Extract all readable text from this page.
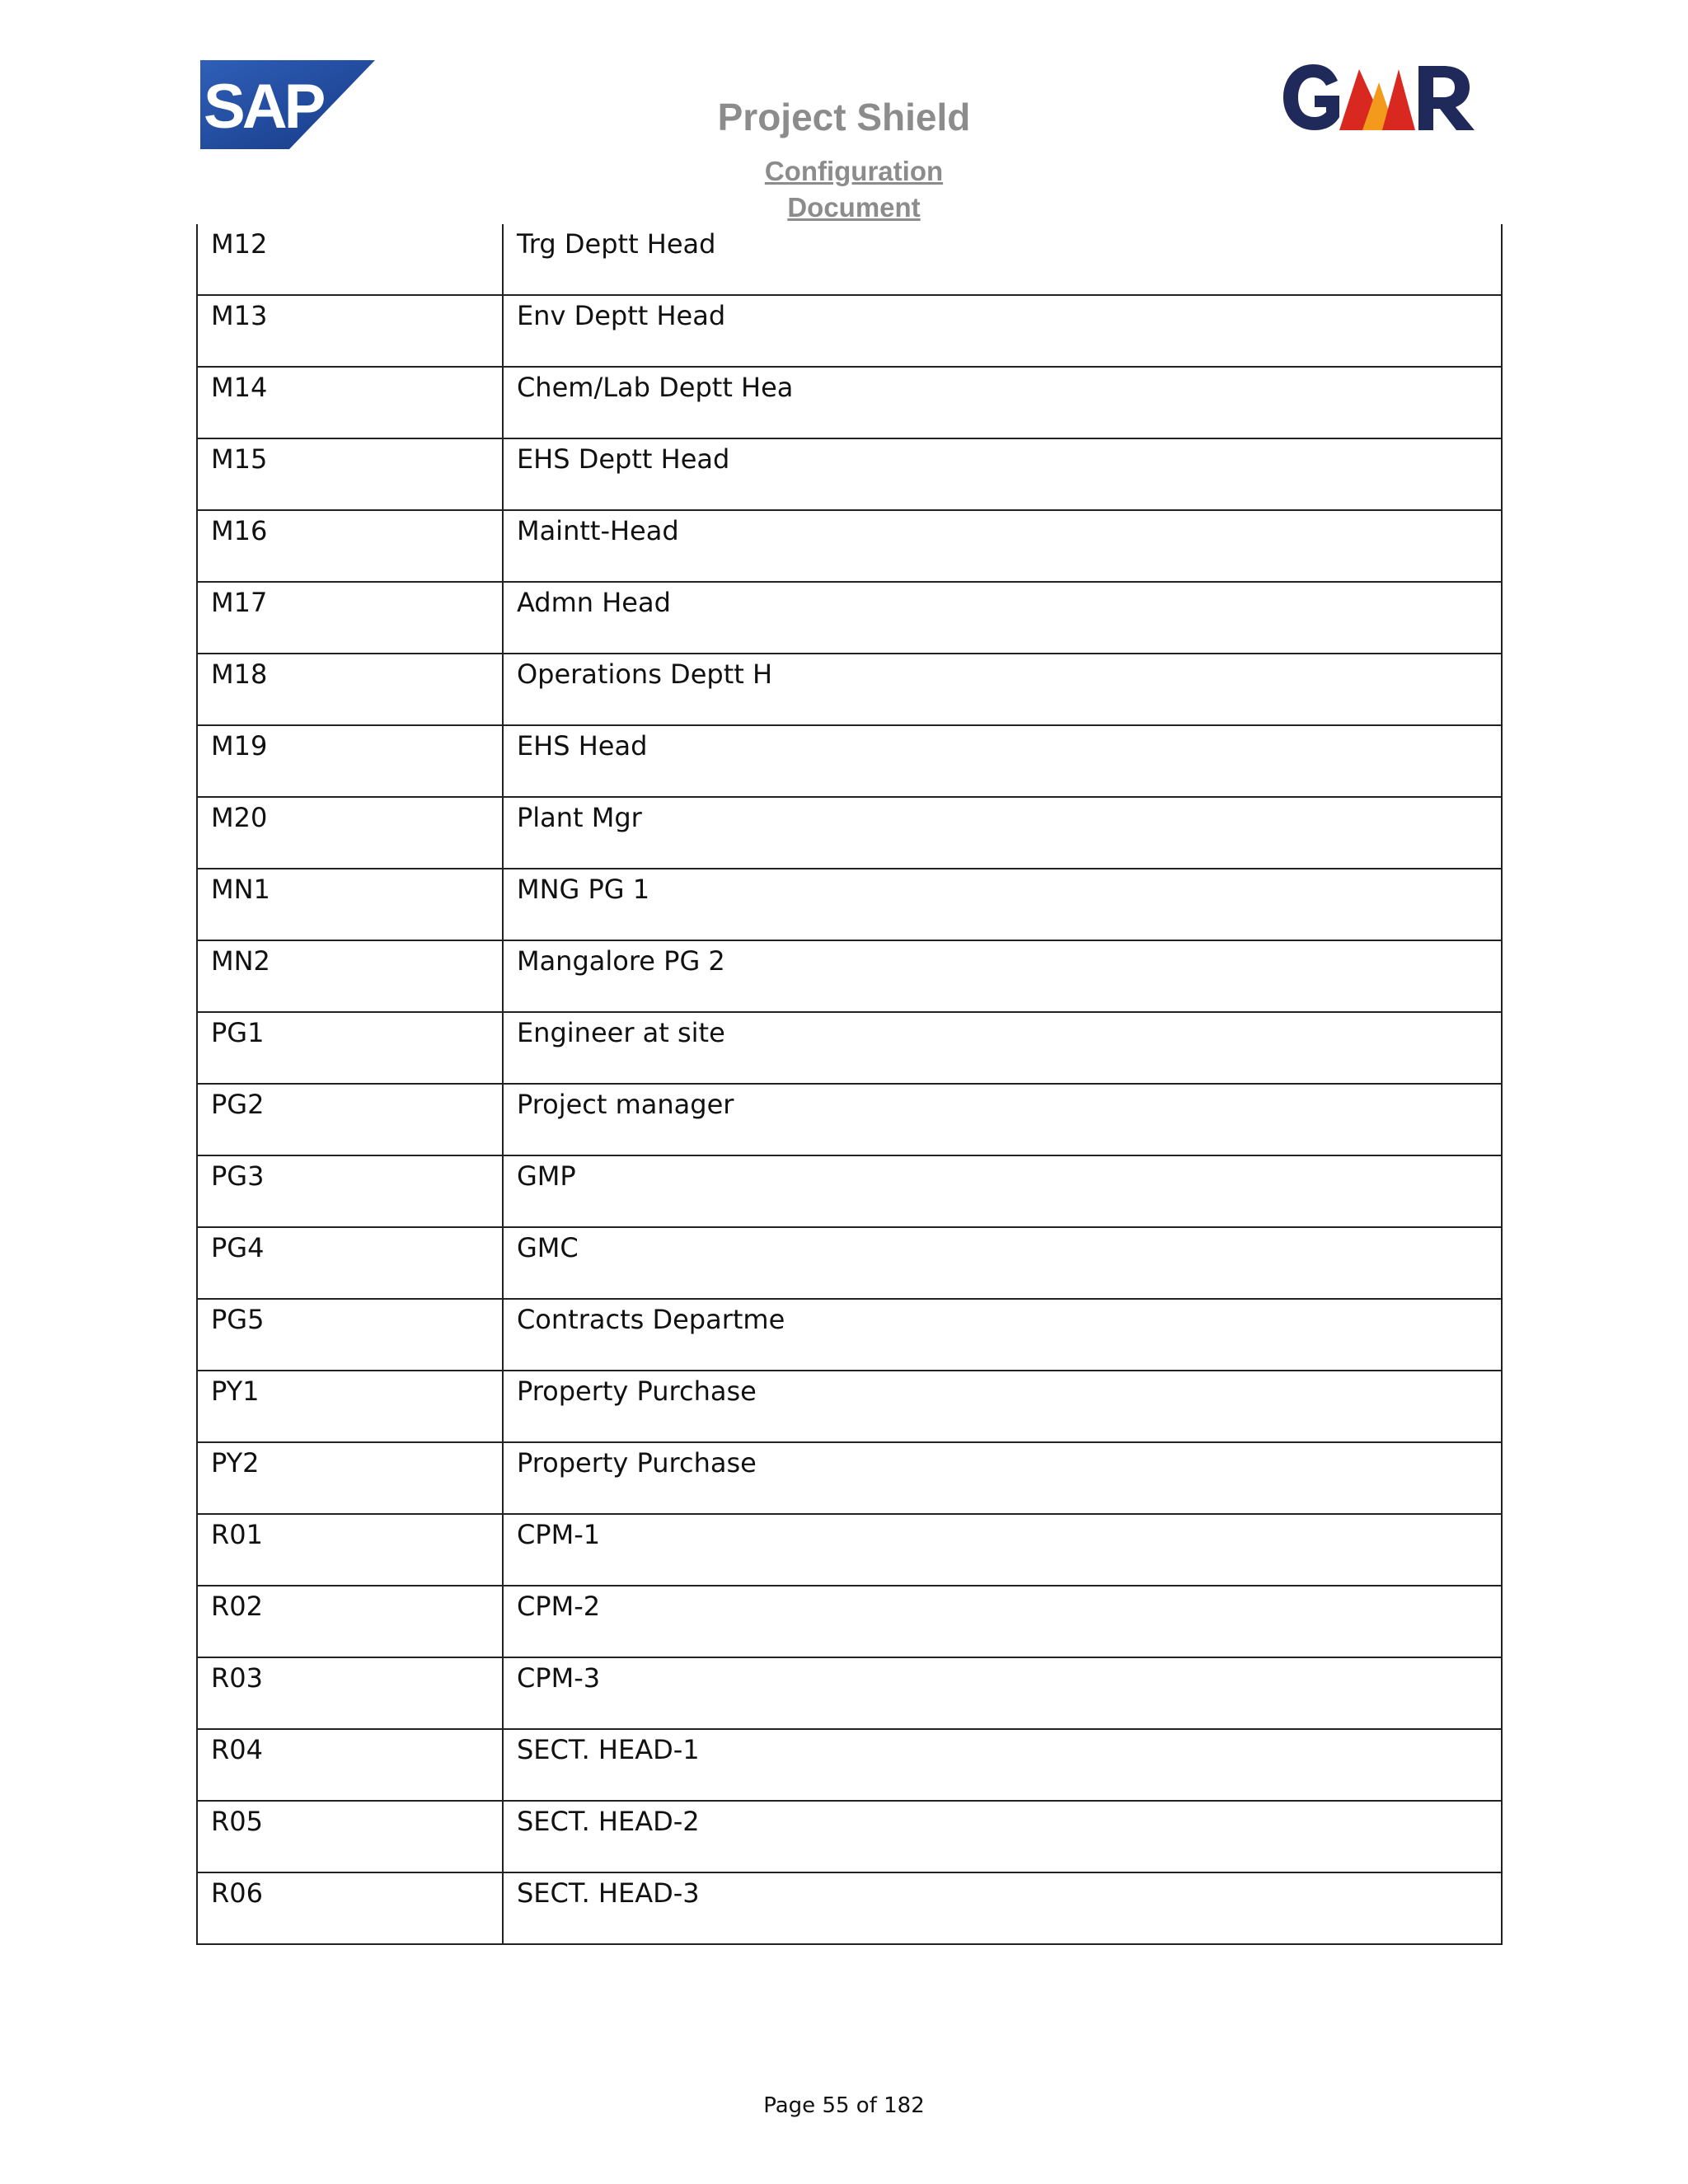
SAP	Project Shield
Configuration Document
M12	Trg Deptt Head
M13	Env Deptt Head
M14	Chem/Lab Deptt Hea
M15	EHS Deptt Head
M16	Maintt-Head
M17	Admn Head
M18	Operations Deptt H
M19	EHS Head
M20	Plant Mgr
MN1	MNG PG 1
MN2	Mangalore PG 2
PG1	Engineer at site
PG2	Project manager
PG3	GMP
PG4	GMC
PG5	Contracts Departme
PY1	Property Purchase
PY2	Property Purchase
R01	CPM-1
R02	CPM-2
R03	CPM-3
R04	SECT. HEAD-1
R05	SECT. HEAD-2
R06	SECT. HEAD-3
Page 55 of 182
